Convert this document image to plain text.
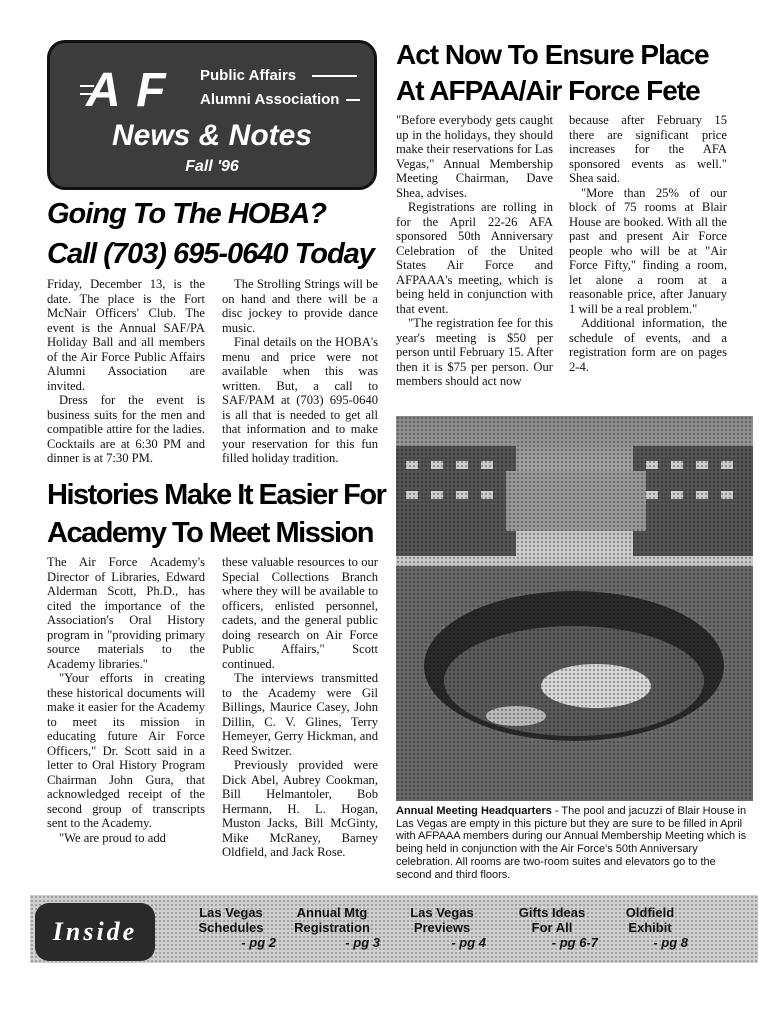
A F Public Affairs
Alumni Association
News & Notes
Fall '96
Going To The HOBA?
Call (703) 695-0640 Today

Friday, December 13, is the date. The place is the Fort McNair Officers' Club. The event is the Annual SAF/PA Holiday Ball and all members of the Air Force Public Affairs Alumni Association are invited.

Dress for the event is business suits for the men and compatible attire for the ladies. Cocktails are at 6:30 PM and dinner is at 7:30 PM.

The Strolling Strings will be on hand and there will be a disc jockey to provide dance music.

Final details on the HOBA's menu and price were not available when this was written. But, a call to SAF/PAM at (703) 695-0640 is all that is needed to get all that information and to make your reservation for this fun filled holiday tradition.

Act Now To Ensure Place
At AFPAA/Air Force Fete

"Before everybody gets caught up in the holidays, they should make their reservations for Las Vegas," Annual Membership Meeting Chairman, Dave Shea, advises.

Registrations are rolling in for the April 22-26 AFA sponsored 50th Anniversary Celebration of the United States Air Force and AFPAAA's meeting, which is being held in conjunction with that event.

"The registration fee for this year's meeting is $50 per person until February 15. After then it is $75 per person. Our members should act now

because after February 15 there are significant price increases for the AFA sponsored events as well." Shea said.

"More than 25% of our block of 75 rooms at Blair House are booked. With all the past and present Air Force people who will be at "Air Force Fifty," finding a room, let alone a room at a reasonable price, after January 1 will be a real problem."

Additional information, the schedule of events, and a registration form are on pages 2-4.

Histories Make It Easier For
Academy To Meet Mission

The Air Force Academy's Director of Libraries, Edward Alderman Scott, Ph.D., has cited the importance of the Association's Oral History program in "providing primary source materials to the Academy libraries."

"Your efforts in creating these historical documents will make it easier for the Academy to meet its mission in educating future Air Force Officers," Dr. Scott said in a letter to Oral History Program Chairman John Gura, that acknowledged receipt of the second group of transcripts sent to the Academy.

"We are proud to add

these valuable resources to our Special Collections Branch where they will be available to officers, enlisted personnel, cadets, and the general public doing research on Air Force Public Affairs," Scott continued.

The interviews transmitted to the Academy were Gil Billings, Maurice Casey, John Dillin, C. V. Glines, Terry Hemeyer, Gerry Hickman, and Reed Switzer.

Previously provided were Dick Abel, Aubrey Cookman, Bill Helmantoler, Bob Hermann, H. L. Hogan, Muston Jacks, Bill McGinty, Mike McRaney, Barney Oldfield, and Jack Rose.

Annual Meeting Headquarters - The pool and jacuzzi of Blair House in Las Vegas are empty in this picture but they are sure to be filled in April with AFPAAA members during our Annual Membership Meeting which is being held in conjunction with the Air Force's 50th Anniversary celebration. All rooms are two-room suites and elevators go to the second and third floors.

Inside
Las Vegas
Schedules
- pg 2
Annual Mtg
Registration
- pg 3
Las Vegas
Previews
- pg 4
Gifts Ideas
For All
- pg 6-7
Oldfield
Exhibit
- pg 8
